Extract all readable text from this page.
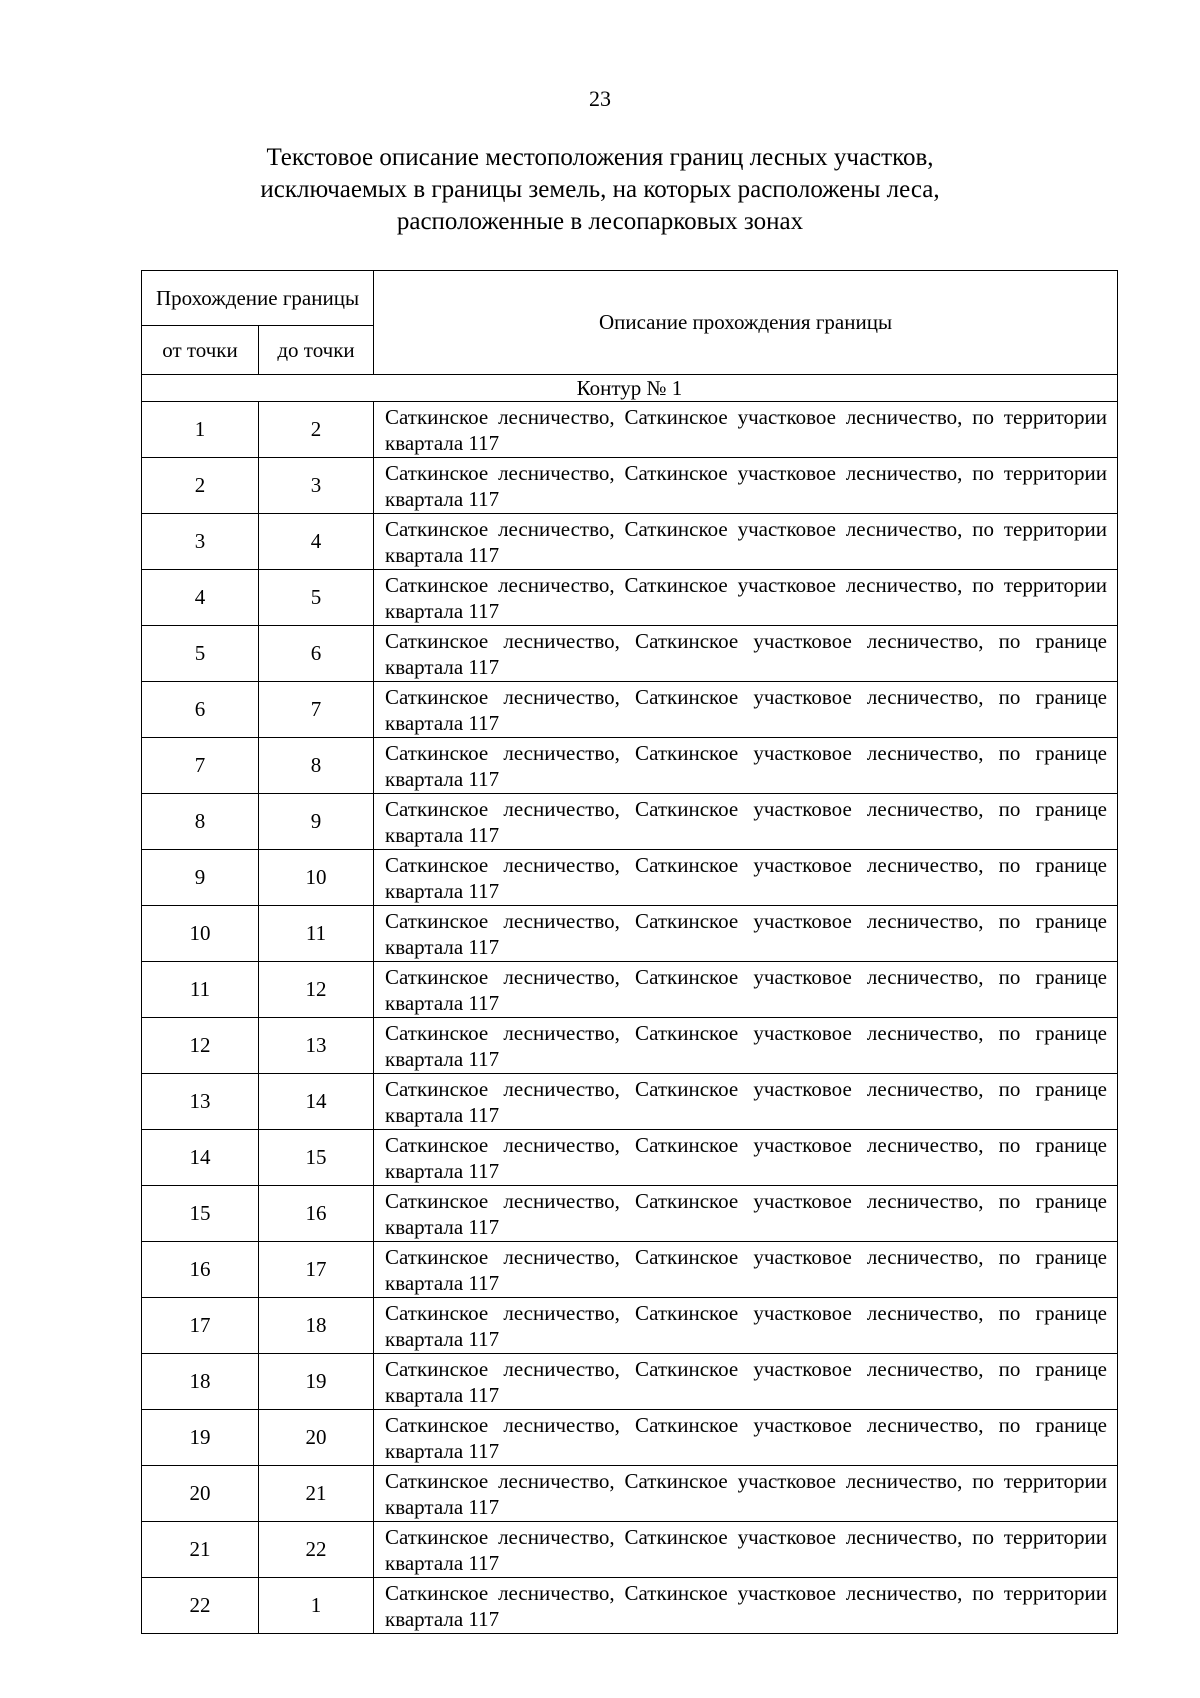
23
Текстовое описание местоположения границ лесных участков,
исключаемых в границы земель, на которых расположены леса,
расположенные в лесопарковых зонах
Прохождение границы		Описание прохождения границы
от точки	до точки	
Контур № 1		
1	2	Саткинское лесничество, Саткинское участковое лесничество, по территории квартала 117
2	3	Саткинское лесничество, Саткинское участковое лесничество, по территории квартала 117
3	4	Саткинское лесничество, Саткинское участковое лесничество, по территории квартала 117
4	5	Саткинское лесничество, Саткинское участковое лесничество, по территории квартала 117
5	6	Саткинское лесничество, Саткинское участковое лесничество, по границе квартала 117
6	7	Саткинское лесничество, Саткинское участковое лесничество, по границе квартала 117
7	8	Саткинское лесничество, Саткинское участковое лесничество, по границе квартала 117
8	9	Саткинское лесничество, Саткинское участковое лесничество, по границе квартала 117
9	10	Саткинское лесничество, Саткинское участковое лесничество, по границе квартала 117
10	11	Саткинское лесничество, Саткинское участковое лесничество, по границе квартала 117
11	12	Саткинское лесничество, Саткинское участковое лесничество, по границе квартала 117
12	13	Саткинское лесничество, Саткинское участковое лесничество, по границе квартала 117
13	14	Саткинское лесничество, Саткинское участковое лесничество, по границе квартала 117
14	15	Саткинское лесничество, Саткинское участковое лесничество, по границе квартала 117
15	16	Саткинское лесничество, Саткинское участковое лесничество, по границе квартала 117
16	17	Саткинское лесничество, Саткинское участковое лесничество, по границе квартала 117
17	18	Саткинское лесничество, Саткинское участковое лесничество, по границе квартала 117
18	19	Саткинское лесничество, Саткинское участковое лесничество, по границе квартала 117
19	20	Саткинское лесничество, Саткинское участковое лесничество, по границе квартала 117
20	21	Саткинское лесничество, Саткинское участковое лесничество, по территории квартала 117
21	22	Саткинское лесничество, Саткинское участковое лесничество, по территории квартала 117
22	1	Саткинское лесничество, Саткинское участковое лесничество, по территории квартала 117
